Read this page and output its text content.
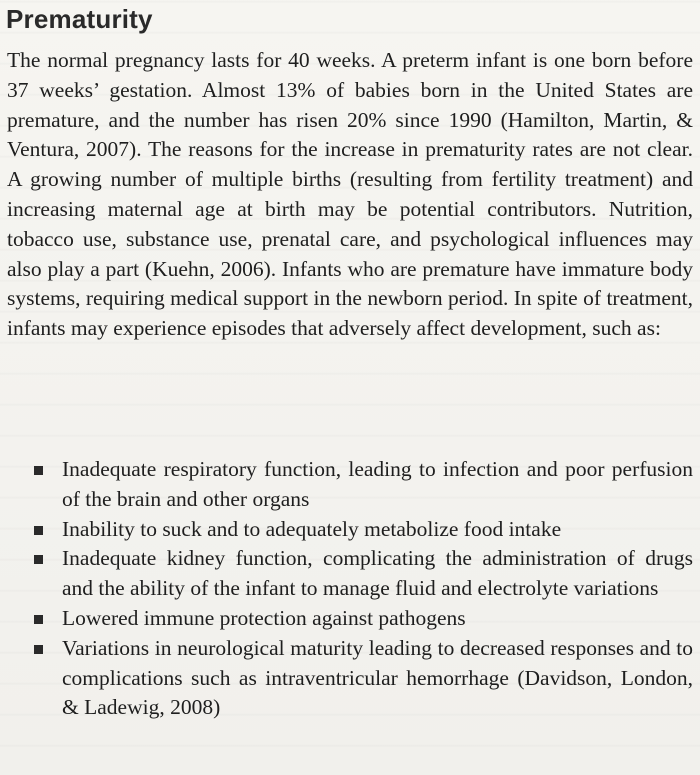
Prematurity

The normal pregnancy lasts for 40 weeks. A preterm infant is one born before 37 weeks’ gestation. Almost 13% of babies born in the United States are premature, and the number has risen 20% since 1990 (Hamilton, Martin, & Ventura, 2007). The reasons for the increase in prematurity rates are not clear. A growing number of multiple births (resulting from fertility treatment) and increasing maternal age at birth may be potential contributors. Nutrition, tobacco use, substance use, prenatal care, and psychological influences may also play a part (Kuehn, 2006). Infants who are premature have immature body systems, requiring medical support in the newborn period. In spite of treatment, infants may experience episodes that adversely affect development, such as:

Inadequate respiratory function, leading to infection and poor perfusion of the brain and other organs
Inability to suck and to adequately metabolize food intake
Inadequate kidney function, complicating the administration of drugs and the ability of the infant to manage fluid and electrolyte variations
Lowered immune protection against pathogens
Variations in neurological maturity leading to decreased responses and to complications such as intraventricular hemorrhage (Davidson, London, & Ladewig, 2008)
